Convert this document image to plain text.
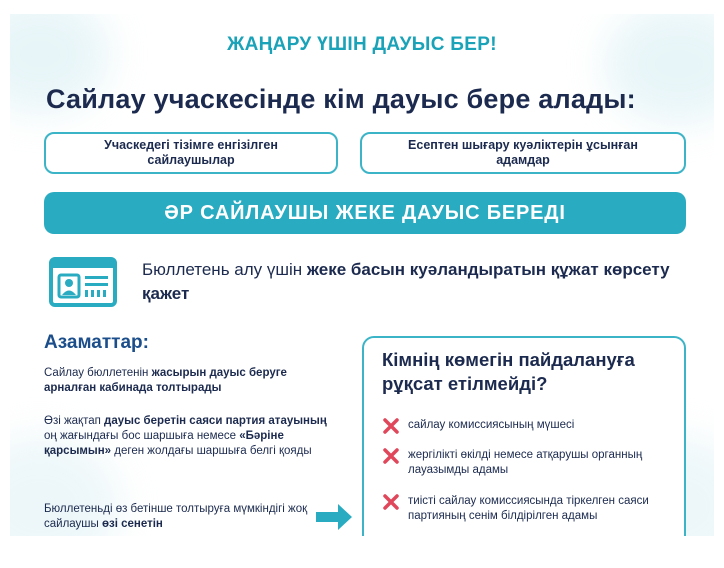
ЖАҢАРУ ҮШІН ДАУЫС БЕР!
Сайлау учаскесінде кім дауыс бере алады:
Учаскедегі тізімге енгізілген сайлаушылар
Есептен шығару куәліктерін ұсынған адамдар
ӘР САЙЛАУШЫ ЖЕКЕ ДАУЫС БЕРЕДІ
Бюллетень алу үшін жеке басын куәландыратын құжат көрсету қажет
Азаматтар:
Сайлау бюллетенін жасырын дауыс беруге арналған кабинада толтырады
Өзі жақтап дауыс беретін саяси партия атауының оң жағындағы бос шаршыға немесе «Бәріне қарсымын» деген жолдағы шаршыға белгі қояды
Бюллетеньді өз бетінше толтыруға мүмкіндігі жоқ сайлаушы өзі сенетін
Кімнің көмегін пайдалануға рұқсат етілмейді?
сайлау комиссиясының мүшесі
жергілікті өкілді немесе атқарушы органның лауазымды адамы
тиісті сайлау комиссиясында тіркелген саяси партияның сенім білдірілген адамы
